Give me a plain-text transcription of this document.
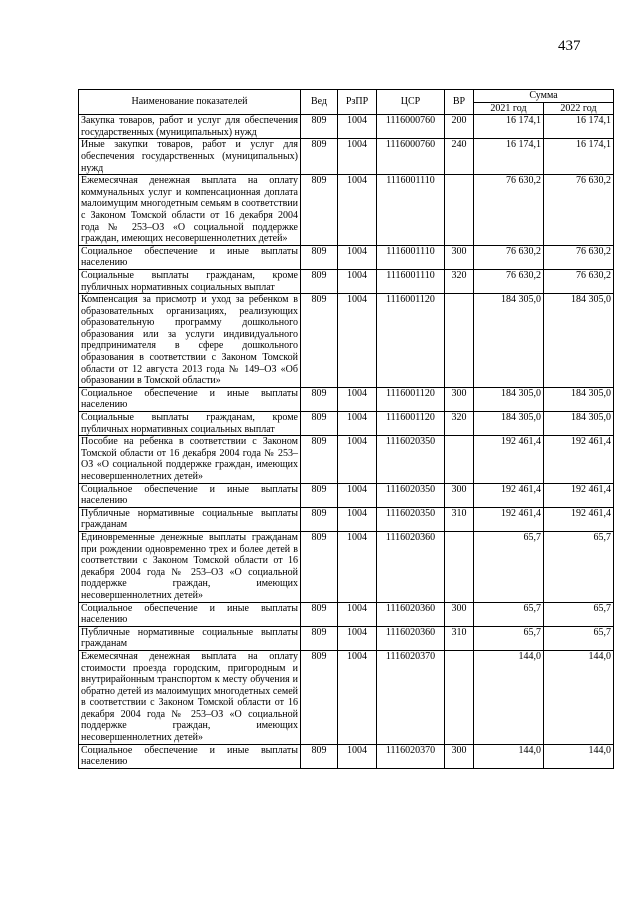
437
Наименование показателей	Вед	РзПР	ЦСР	ВР	Сумма	
					2021 год	2022 год
Закупка товаров, работ и услуг для обеспечения государственных (муниципальных) нужд	809	1004	1116000760	200	16 174,1	16 174,1
Иные закупки товаров, работ и услуг для обеспечения государственных (муниципальных) нужд	809	1004	1116000760	240	16 174,1	16 174,1
Ежемесячная денежная выплата на оплату коммунальных услуг и компенсационная доплата малоимущим многодетным семьям в соответствии с Законом Томской области от 16 декабря 2004 года № 253–ОЗ «О социальной поддержке граждан, имеющих несовершеннолетних детей»	809	1004	1116001110		76 630,2	76 630,2
Социальное обеспечение и иные выплаты населению	809	1004	1116001110	300	76 630,2	76 630,2
Социальные выплаты гражданам, кроме публичных нормативных социальных выплат	809	1004	1116001110	320	76 630,2	76 630,2
Компенсация за присмотр и уход за ребенком в образовательных организациях, реализующих образовательную программу дошкольного образования или за услуги индивидуального предпринимателя в сфере дошкольного образования в соответствии с Законом Томской области от 12 августа 2013 года № 149–ОЗ «Об образовании в Томской области»	809	1004	1116001120		184 305,0	184 305,0
Социальное обеспечение и иные выплаты населению	809	1004	1116001120	300	184 305,0	184 305,0
Социальные выплаты гражданам, кроме публичных нормативных социальных выплат	809	1004	1116001120	320	184 305,0	184 305,0
Пособие на ребенка в соответствии с Законом Томской области от 16 декабря 2004 года № 253–ОЗ «О социальной поддержке граждан, имеющих несовершеннолетних детей»	809	1004	1116020350		192 461,4	192 461,4
Социальное обеспечение и иные выплаты населению	809	1004	1116020350	300	192 461,4	192 461,4
Публичные нормативные социальные выплаты гражданам	809	1004	1116020350	310	192 461,4	192 461,4
Единовременные денежные выплаты гражданам при рождении одновременно трех и более детей в соответствии с Законом Томской области от 16 декабря 2004 года № 253–ОЗ «О социальной поддержке граждан, имеющих несовершеннолетних детей»	809	1004	1116020360		65,7	65,7
Социальное обеспечение и иные выплаты населению	809	1004	1116020360	300	65,7	65,7
Публичные нормативные социальные выплаты гражданам	809	1004	1116020360	310	65,7	65,7
Ежемесячная денежная выплата на оплату стоимости проезда городским, пригородным и внутрирайонным транспортом к месту обучения и обратно детей из малоимущих многодетных семей в соответствии с Законом Томской области от 16 декабря 2004 года № 253–ОЗ «О социальной поддержке граждан, имеющих несовершеннолетних детей»	809	1004	1116020370		144,0	144,0
Социальное обеспечение и иные выплаты населению	809	1004	1116020370	300	144,0	144,0
